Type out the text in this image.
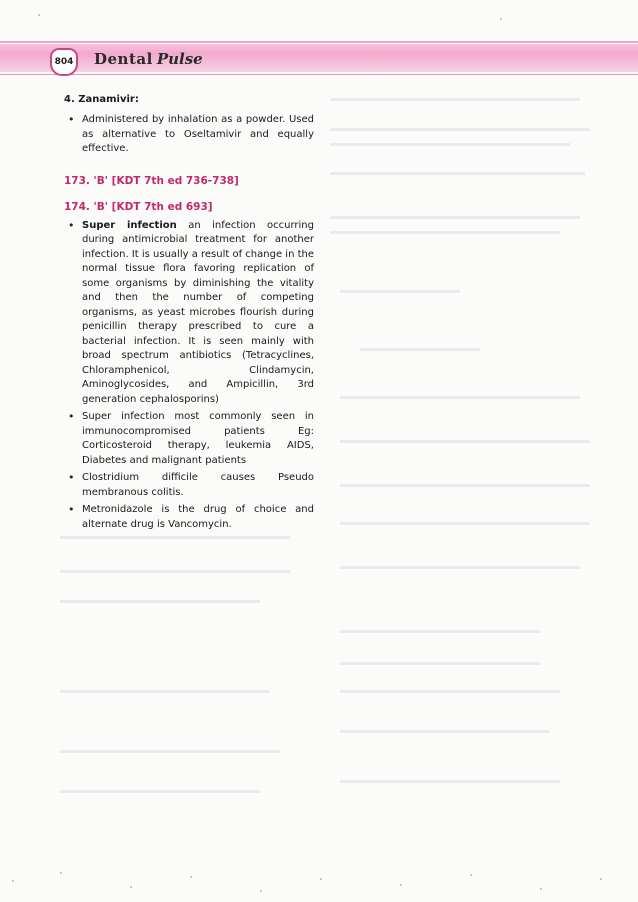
804 Dental Pulse

4. Zanamivir:

• Administered by inhalation as a powder. Used as alternative to Oseltamivir and equally effective.

173. 'B' [KDT 7th ed 736-738]

174. 'B' [KDT 7th ed 693]

• Super infection an infection occurring during antimicrobial treatment for another infection. It is usually a result of change in the normal tissue flora favoring replication of some organisms by diminishing the vitality and then the number of competing organisms, as yeast microbes flourish during penicillin therapy prescribed to cure a bacterial infection. It is seen mainly with broad spectrum antibiotics (Tetracyclines, Chloramphenicol, Clindamycin, Aminoglycosides, and Ampicillin, 3rd generation cephalosporins)

• Super infection most commonly seen in immunocompromised patients Eg: Corticosteroid therapy, leukemia AIDS, Diabetes and malignant patients

• Clostridium difficile causes Pseudo membranous colitis.

• Metronidazole is the drug of choice and alternate drug is Vancomycin.
